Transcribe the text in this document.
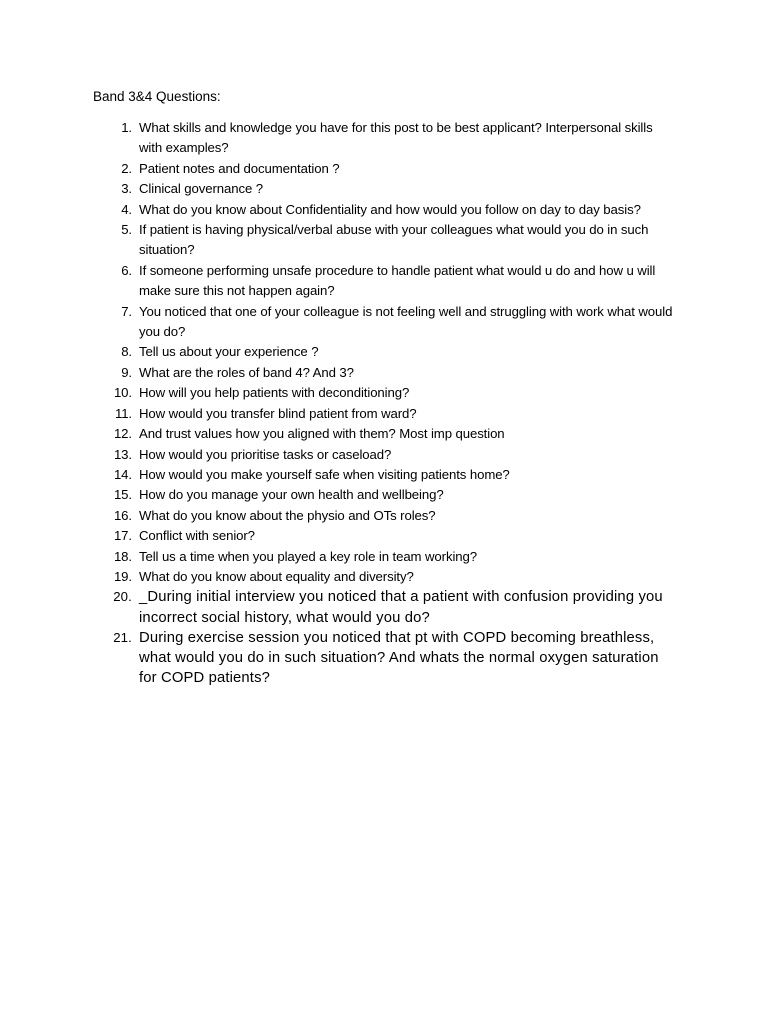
Band 3&4 Questions:
1. What skills and knowledge you have for this post to be best applicant? Interpersonal skills with examples?
2. Patient notes and documentation ?
3. Clinical governance ?
4. What do you know about Confidentiality and how would you follow on day to day basis?
5. If patient is having physical/verbal abuse with your colleagues what would you do in such situation?
6. If someone performing unsafe procedure to handle patient what would u do and how u will make sure this not happen again?
7. You noticed that one of your colleague is not feeling well and struggling with work what would you do?
8. Tell us about your experience ?
9. What are the roles of band 4? And 3?
10. How will you help patients with deconditioning?
11. How would you transfer blind patient from ward?
12. And trust values how you aligned with them? Most imp question
13. How would you prioritise tasks or caseload?
14. How would you make yourself safe when visiting patients home?
15. How do you manage your own health and wellbeing?
16. What do you know about the physio and OTs roles?
17. Conflict with senior?
18. Tell us a time when you played a key role in team working?
19. What do you know about equality and diversity?
20. _During initial interview you noticed that a patient with confusion providing you incorrect social history, what would you do?
21. During exercise session you noticed that pt with COPD becoming breathless, what would you do in such situation? And whats the normal oxygen saturation for COPD patients?
